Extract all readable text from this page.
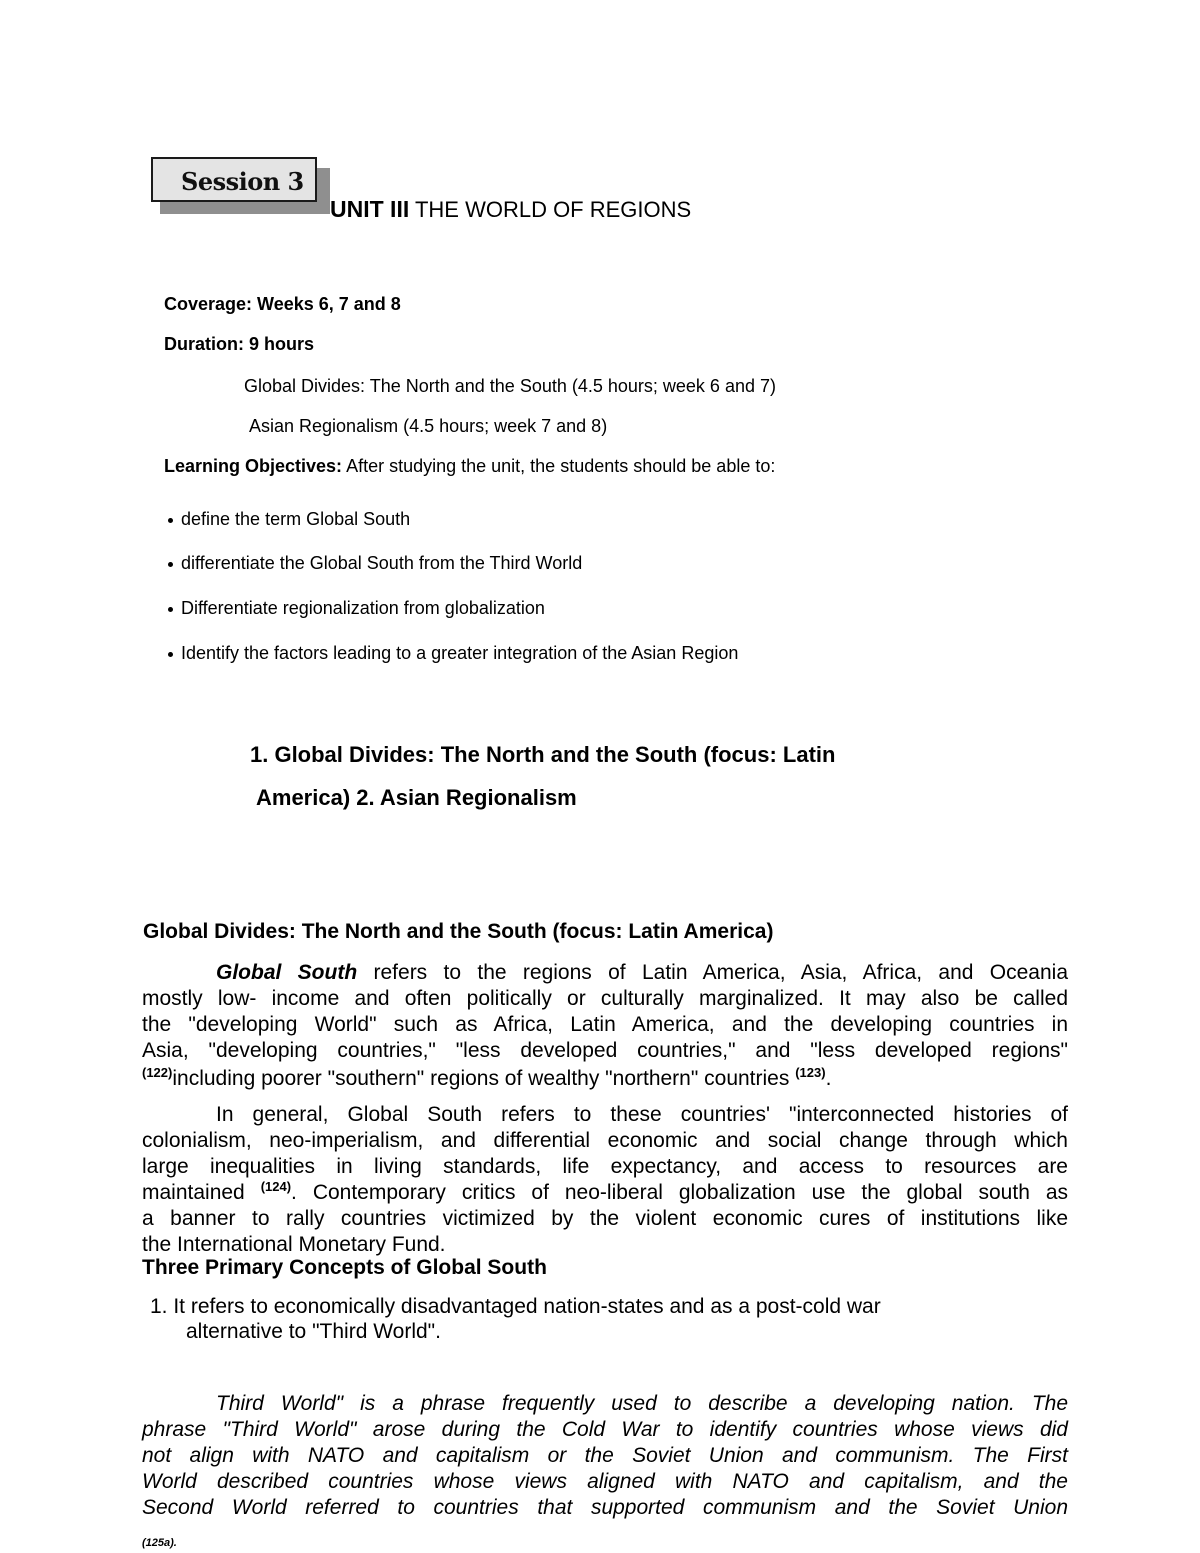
Session 3
UNIT III THE WORLD OF REGIONS
Coverage: Weeks 6, 7 and 8
Duration: 9 hours
Global Divides: The North and the South (4.5 hours; week 6 and 7)
Asian Regionalism (4.5 hours; week 7 and 8)
Learning Objectives: After studying the unit, the students should be able to:
define the term Global South
differentiate the Global South from the Third World
Differentiate regionalization from globalization
Identify the factors leading to a greater integration of the Asian Region
1. Global Divides: The North and the South (focus: Latin
America) 2. Asian Regionalism
Global Divides: The North and the South (focus: Latin America)
Global South refers to the regions of Latin America, Asia, Africa, and Oceania
mostly low- income and often politically or culturally marginalized. It may also be called
the "developing World" such as Africa, Latin America, and the developing countries in
Asia, "developing countries," "less developed countries," and "less developed regions"
$^{(122)}$including poorer "southern" regions of wealthy "northern" countries $^{(123)}$.
In general, Global South refers to these countries' "interconnected histories of
colonialism, neo-imperialism, and differential economic and social change through which
large inequalities in living standards, life expectancy, and access to resources are
maintained $^{(124)}$. Contemporary critics of neo-liberal globalization use the global south as
a banner to rally countries victimized by the violent economic cures of institutions like
the International Monetary Fund.
Three Primary Concepts of Global South
1. It refers to economically disadvantaged nation-states and as a post-cold war
alternative to "Third World".
Third World" is a phrase frequently used to describe a developing nation. The
phrase "Third World" arose during the Cold War to identify countries whose views did
not align with NATO and capitalism or the Soviet Union and communism. The First
World described countries whose views aligned with NATO and capitalism, and the
Second World referred to countries that supported communism and the Soviet Union
(125a).
